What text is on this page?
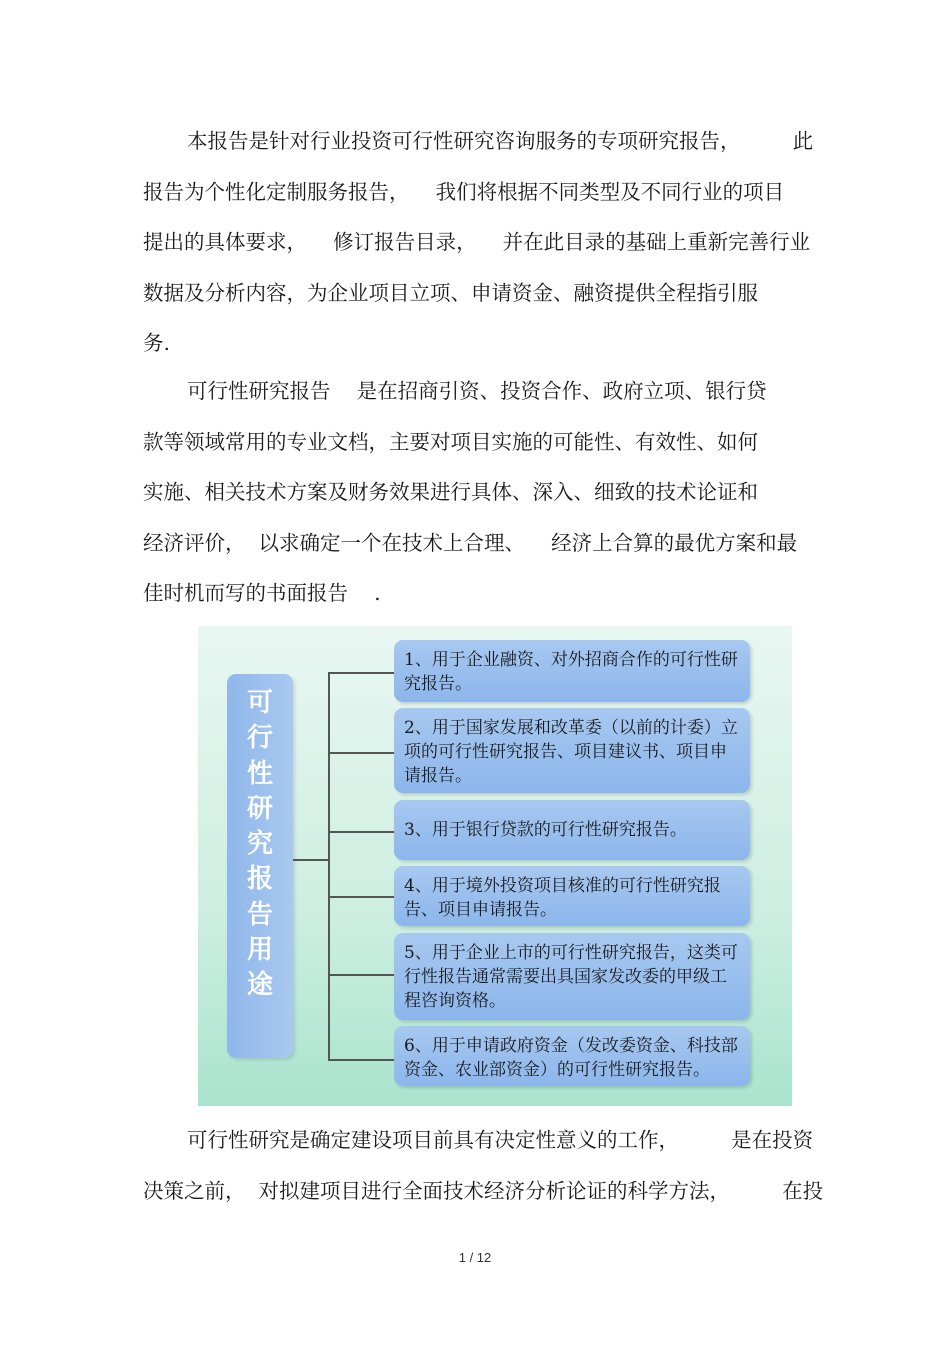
本报告是针对行业投资可行性研究咨询服务的专项研究报告，        此
报告为个性化定制服务报告，    我们将根据不同类型及不同行业的项目
提出的具体要求，    修订报告目录，    并在此目录的基础上重新完善行业
数据及分析内容，为企业项目立项、申请资金、融资提供全程指引服
务.
可行性研究报告    是在招商引资、投资合作、政府立项、银行贷
款等领域常用的专业文档，主要对项目实施的可能性、有效性、如何
实施、相关技术方案及财务效果进行具体、深入、细致的技术论证和
经济评价，  以求确定一个在技术上合理、    经济上合算的最优方案和最
佳时机而写的书面报告    .
可
行
性
研
究
报
告
用
途
1、用于企业融资、对外招商合作的可行性研究报告。
2、用于国家发展和改革委（以前的计委）立项的可行性研究报告、项目建议书、项目申请报告。
3、用于银行贷款的可行性研究报告。
4、用于境外投资项目核准的可行性研究报告、项目申请报告。
5、用于企业上市的可行性研究报告，这类可行性报告通常需要出具国家发改委的甲级工程咨询资格。
6、用于申请政府资金（发改委资金、科技部资金、农业部资金）的可行性研究报告。
可行性研究是确定建设项目前具有决定性意义的工作，        是在投资
决策之前，  对拟建项目进行全面技术经济分析论证的科学方法，        在投
1 / 12
